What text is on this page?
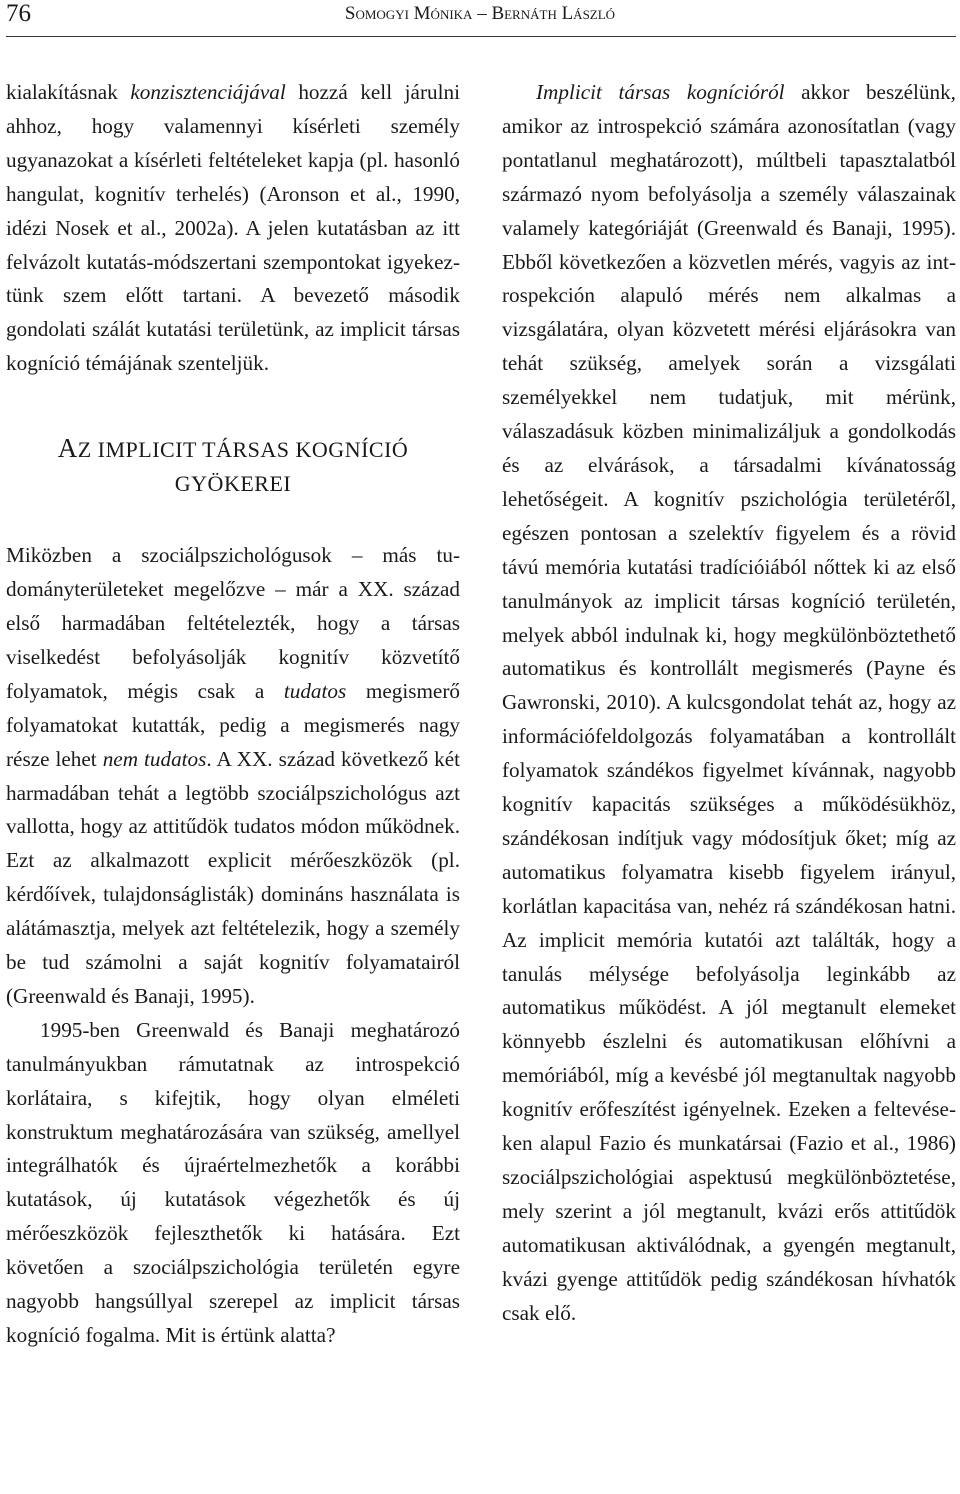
76	Somogyi Mónika – Bernáth László

kialakításnak konzisztenciájával hozzá kell járulni ahhoz, hogy valamennyi kísérleti személy ugyanazokat a kísérleti feltételeket kapja (pl. hasonló hangulat, kognitív terhelés) (Aronson et al., 1990, idézi Nosek et al., 2002a). A jelen kutatásban az itt felvázolt kutatás-módszertani szempontokat igyekeztünk szem előtt tartani. A bevezető második gondolati szálát kutatási területünk, az implicit társas kogníció témájának szenteljük.

AZ IMPLICIT TÁRSAS KOGNÍCIÓ
GYÖKEREI

Miközben a szociálpszichológusok – más tudományterületeket megelőzve – már a XX. század első harmadában feltételezték, hogy a társas viselkedést befolyásolják kognitív közvetítő folyamatok, mégis csak a tudatos megismerő folyamatokat kutatták, pedig a megismerés nagy része lehet nem tudatos. A XX. század következő két harmadában tehát a legtöbb szociálpszichológus azt vallotta, hogy az attitűdök tudatos módon működnek. Ezt az alkalmazott explicit mérőeszközök (pl. kérdőívek, tulajdonságlisták) domináns használata is alátámasztja, melyek azt feltételezik, hogy a személy be tud számolni a saját kognitív folyamatairól (Greenwald és Banaji, 1995).

1995-ben Greenwald és Banaji meghatározó tanulmányukban rámutatnak az introspekció korlátaira, s kifejtik, hogy olyan elméleti konstruktum meghatározására van szükség, amellyel integrálhatók és újraértelmezhetők a korábbi kutatások, új kutatások végezhetők és új mérőeszközök fejleszthetők ki hatására. Ezt követően a szociálpszichológia területén egyre nagyobb hangsúllyal szerepel az implicit társas kogníció fogalma. Mit is értünk alatta?

Implicit társas kognícióról akkor beszélünk, amikor az introspekció számára azonosítatlan (vagy pontatlanul meghatározott), múltbeli tapasztalatból származó nyom befolyásolja a személy válaszainak valamely kategóriáját (Greenwald és Banaji, 1995). Ebből következően a közvetlen mérés, vagyis az introspekción alapuló mérés nem alkalmas a vizsgálatára, olyan közvetett mérési eljárásokra van tehát szükség, amelyek során a vizsgálati személyekkel nem tudatjuk, mit mérünk, válaszadásuk közben minimalizáljuk a gondolkodás és az elvárások, a társadalmi kívánatosság lehetőségeit. A kognitív pszichológia területéről, egészen pontosan a szelektív figyelem és a rövid távú memória kutatási tradícióiából nőttek ki az első tanulmányok az implicit társas kogníció területén, melyek abból indulnak ki, hogy megkülönböztethető automatikus és kontrollált megismerés (Payne és Gawronski, 2010). A kulcsgondolat tehát az, hogy az információfeldolgozás folyamatában a kontrollált folyamatok szándékos figyelmet kívánnak, nagyobb kognitív kapacitás szükséges a működésükhöz, szándékosan indítjuk vagy módosítjuk őket; míg az automatikus folyamatra kisebb figyelem irányul, korlátlan kapacitása van, nehéz rá szándékosan hatni. Az implicit memória kutatói azt találták, hogy a tanulás mélysége befolyásolja leginkább az automatikus működést. A jól megtanult elemeket könnyebb észlelni és automatikusan előhívni a memóriából, míg a kevésbé jól megtanultak nagyobb kognitív erőfeszítést igényelnek. Ezeken a feltevéseken alapul Fazio és munkatársai (Fazio et al., 1986) szociálpszichológiai aspektusú megkülönböztetése, mely szerint a jól megtanult, kvázi erős attitűdök automatikusan aktiválódnak, a gyengén megtanult, kvázi gyenge attitűdök pedig szándékosan hívhatók csak elő.
